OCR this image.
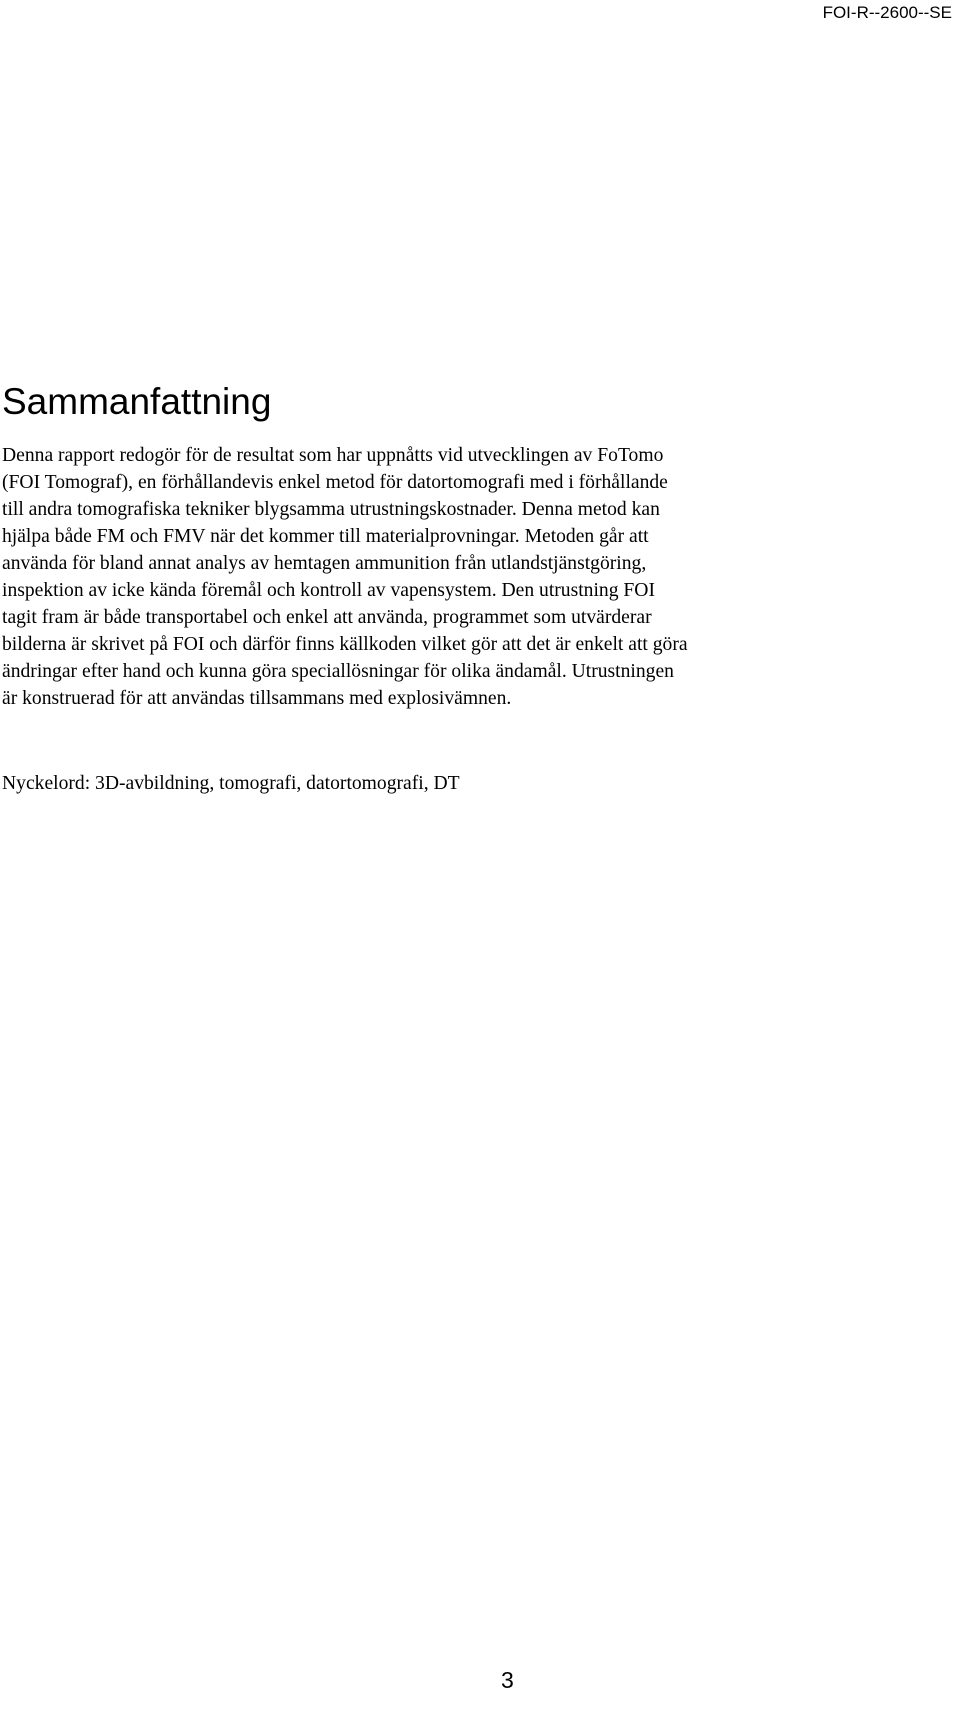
FOI-R--2600--SE
Sammanfattning
Denna rapport redogör för de resultat som har uppnåtts vid utvecklingen av FoTomo
(FOI Tomograf), en förhållandevis enkel metod för datortomografi med i förhållande
till andra tomografiska tekniker blygsamma utrustningskostnader. Denna metod kan
hjälpa både FM och FMV när det kommer till materialprovningar. Metoden går att
använda för bland annat analys av hemtagen ammunition från utlandstjänstgöring,
inspektion av icke kända föremål och kontroll av vapensystem. Den utrustning FOI
tagit fram är både transportabel och enkel att använda, programmet som utvärderar
bilderna är skrivet på FOI och därför finns källkoden vilket gör att det är enkelt att göra
ändringar efter hand och kunna göra speciallösningar för olika ändamål. Utrustningen
är konstruerad för att användas tillsammans med explosivämnen.

Nyckelord: 3D-avbildning, tomografi, datortomografi, DT

3
